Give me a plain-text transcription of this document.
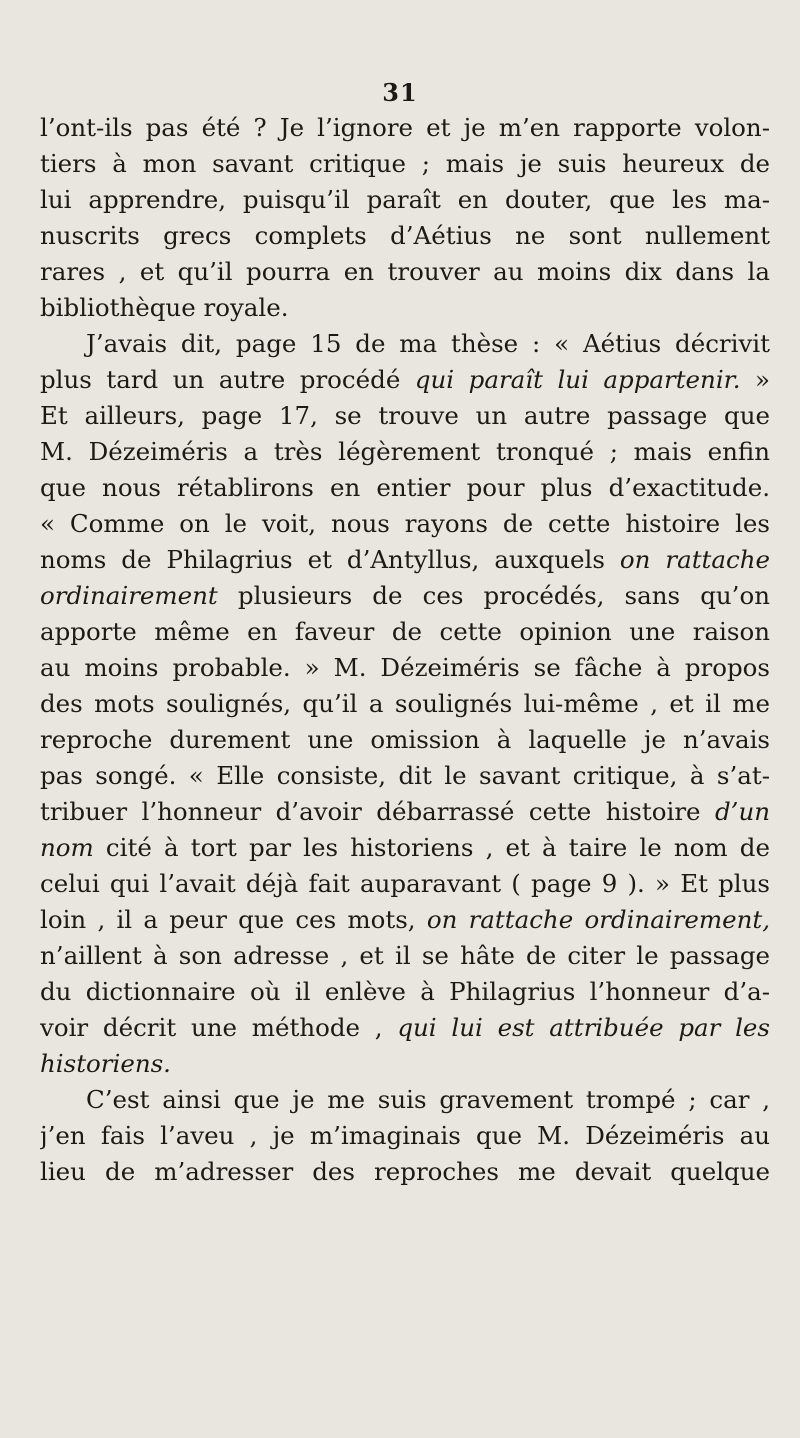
31
l’ont-ils pas été ? Je l’ignore et je m’en rapporte volon-
tiers à mon savant critique ; mais je suis heureux de
lui apprendre, puisqu’il paraît en douter, que les ma-
nuscrits grecs complets d’Aétius ne sont nullement
rares , et qu’il pourra en trouver au moins dix dans la
bibliothèque royale.
J’avais dit, page 15 de ma thèse : « Aétius décrivit
plus tard un autre procédé qui paraît lui appartenir. »
Et ailleurs, page 17, se trouve un autre passage que
M. Dézeiméris a très légèrement tronqué ; mais enfin
que nous rétablirons en entier pour plus d’exactitude.
« Comme on le voit, nous rayons de cette histoire les
noms de Philagrius et d’Antyllus, auxquels on rattache
ordinairement plusieurs de ces procédés, sans qu’on
apporte même en faveur de cette opinion une raison
au moins probable. » M. Dézeiméris se fâche à propos
des mots soulignés, qu’il a soulignés lui-même , et il me
reproche durement une omission à laquelle je n’avais
pas songé. « Elle consiste, dit le savant critique, à s’at-
tribuer l’honneur d’avoir débarrassé cette histoire d’un
nom cité à tort par les historiens , et à taire le nom de
celui qui l’avait déjà fait auparavant ( page 9 ). » Et plus
loin , il a peur que ces mots, on rattache ordinairement,
n’aillent à son adresse , et il se hâte de citer le passage
du dictionnaire où il enlève à Philagrius l’honneur d’a-
voir décrit une méthode , qui lui est attribuée par les
historiens.
C’est ainsi que je me suis gravement trompé ; car ,
j’en fais l’aveu , je m’imaginais que M. Dézeiméris au
lieu de m’adresser des reproches me devait quelque
